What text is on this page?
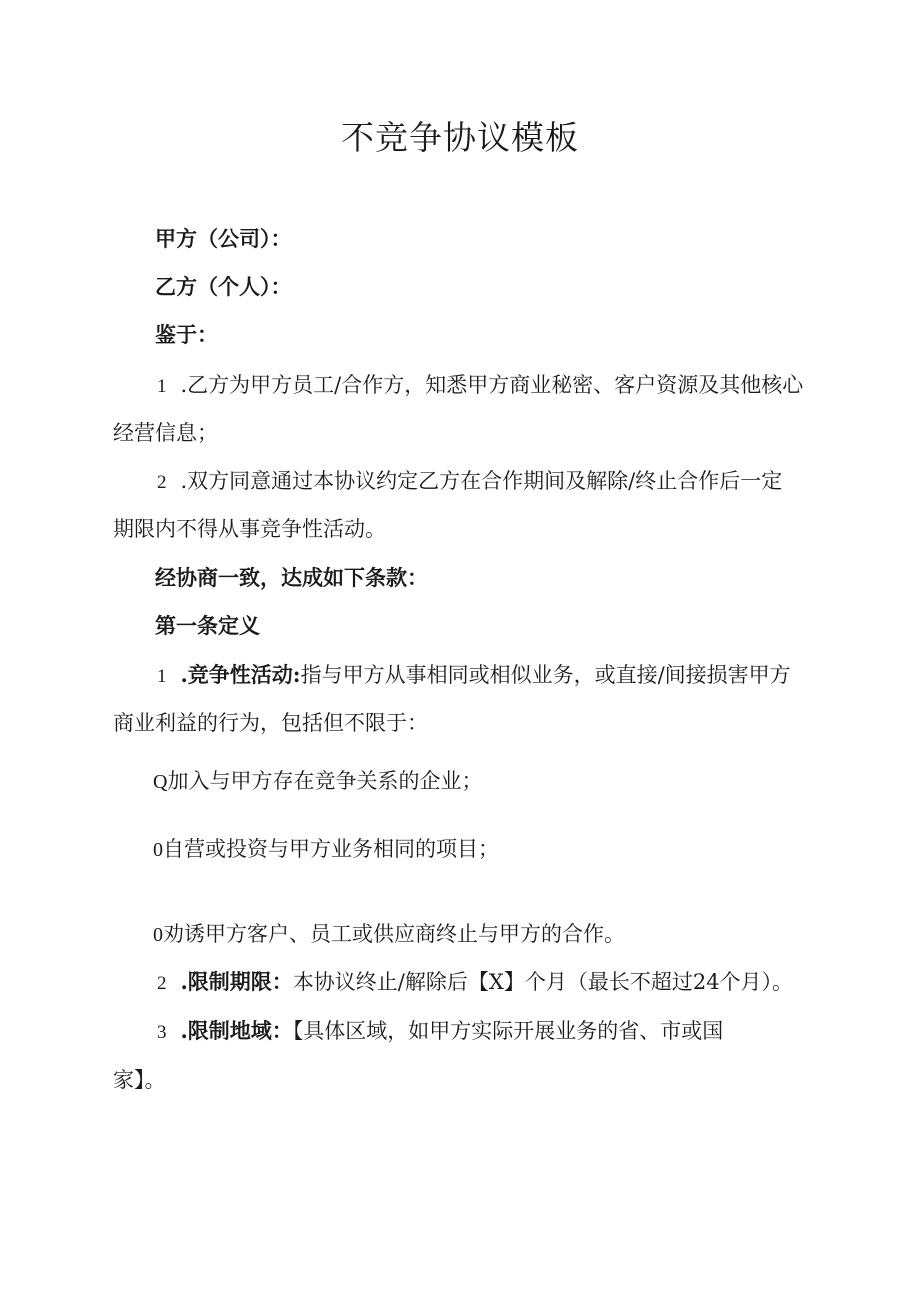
不竞争协议模板

甲方（公司）：

乙方（个人）：

鉴于：

1 .乙方为甲方员工/合作方，知悉甲方商业秘密、客户资源及其他核心

经营信息；

2 .双方同意通过本协议约定乙方在合作期间及解除/终止合作后一定

期限内不得从事竞争性活动。

经协商一致，达成如下条款：

第一条定义

1 .竞争性活动:指与甲方从事相同或相似业务，或直接/间接损害甲方

商业利益的行为，包括但不限于：

Q加入与甲方存在竞争关系的企业；

0自营或投资与甲方业务相同的项目；

0劝诱甲方客户、员工或供应商终止与甲方的合作。

2 .限制期限：本协议终止/解除后【X】个月（最长不超过24个月）。

3 .限制地域：【具体区域，如甲方实际开展业务的省、市或国

家】。
